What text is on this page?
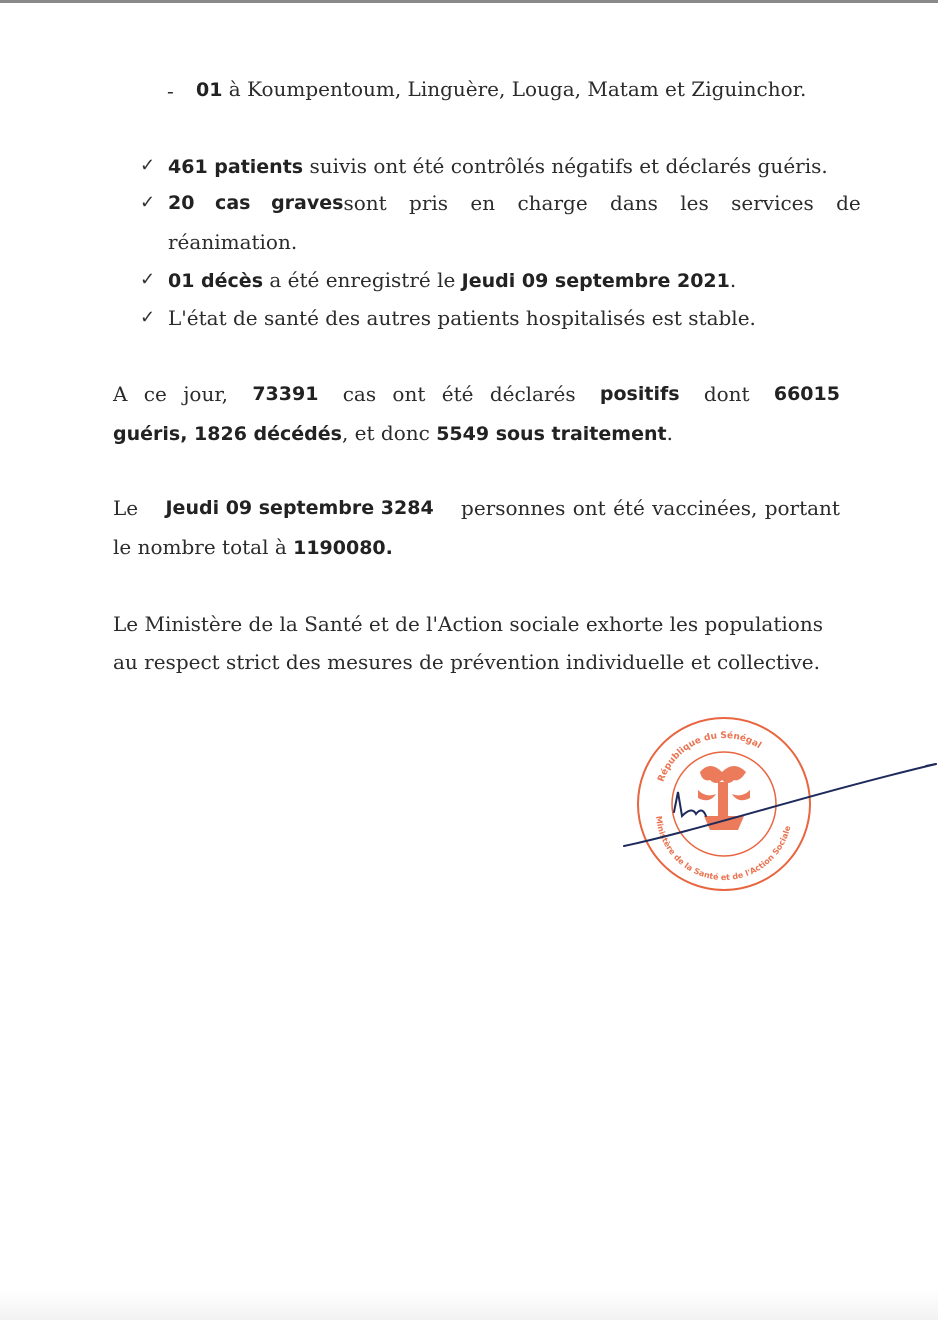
- 01 à Koumpentoum, Linguère, Louga, Matam et Ziguinchor.
✓ 461 patients suivis ont été contrôlés négatifs et déclarés guéris.
✓ 20 cas graves sont pris en charge dans les services de
réanimation.
✓ 01 décès a été enregistré le Jeudi 09 septembre 2021.
✓ L'état de santé des autres patients hospitalisés est stable.
A ce jour, 73391 cas ont été déclarés positifs dont 66015
guéris, 1826 décédés, et donc 5549 sous traitement.
Le Jeudi 09 septembre 3284 personnes ont été vaccinées, portant
le nombre total à 1190080.
Le Ministère de la Santé et de l'Action sociale exhorte les populations
au respect strict des mesures de prévention individuelle et collective.
République du Sénégal
Ministère de la Santé et de l'Action Sociale
